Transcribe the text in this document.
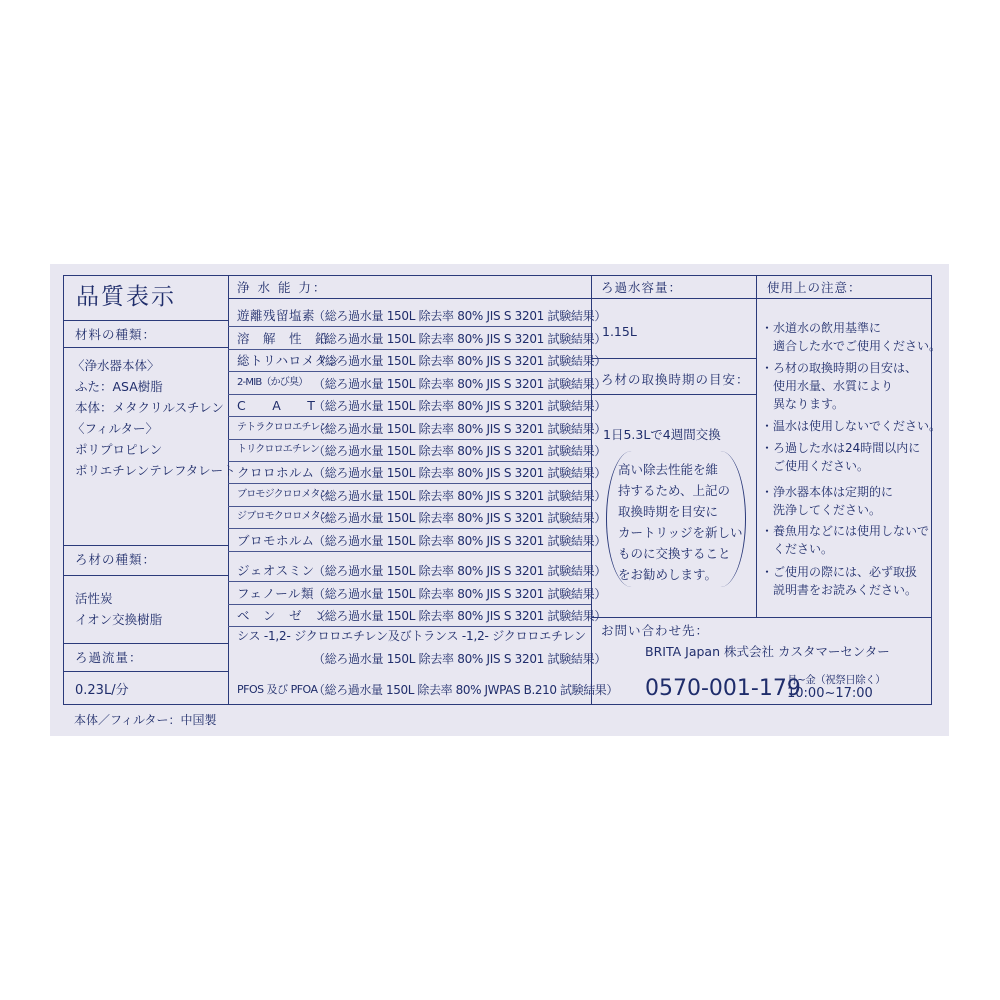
品質表示
材料の種類：
〈浄水器本体〉
ふた：ASA樹脂
本体：メタクリルスチレン
〈フィルター〉
ポリプロピレン
ポリエチレンテレフタレート
ろ材の種類：
活性炭
イオン交換樹脂
ろ過流量：
0.23L/分
浄 水 能 力：
遊離残留塩素
（総ろ過水量 150L 除去率 80% JIS S 3201 試験結果）
溶　解　性　鉛
（総ろ過水量 150L 除去率 80% JIS S 3201 試験結果）
総トリハロメタン
（総ろ過水量 150L 除去率 80% JIS S 3201 試験結果）
2-MIB（かび臭） （総ろ過水量 150L 除去率 80% JIS S 3201 試験結果）
C　　A　　T
（総ろ過水量 150L 除去率 80% JIS S 3201 試験結果）
テトラクロロエチレン
（総ろ過水量 150L 除去率 80% JIS S 3201 試験結果）
トリクロロエチレン
（総ろ過水量 150L 除去率 80% JIS S 3201 試験結果）
クロロホルム
（総ろ過水量 150L 除去率 80% JIS S 3201 試験結果）
ブロモジクロロメタン
（総ろ過水量 150L 除去率 80% JIS S 3201 試験結果）
ジブロモクロロメタン
（総ろ過水量 150L 除去率 80% JIS S 3201 試験結果）
ブロモホルム
（総ろ過水量 150L 除去率 80% JIS S 3201 試験結果）
ジェオスミン
（総ろ過水量 150L 除去率 80% JIS S 3201 試験結果）
フェノール類
（総ろ過水量 150L 除去率 80% JIS S 3201 試験結果）
ベ　ン　ゼ　ン
（総ろ過水量 150L 除去率 80% JIS S 3201 試験結果）
シス -1,2- ジクロロエチレン及びトランス -1,2- ジクロロエチレン
（総ろ過水量 150L 除去率 80% JIS S 3201 試験結果）
PFOS 及び PFOA
（総ろ過水量 150L 除去率 80% JWPAS B.210 試験結果）
ろ過水容量：
1.15L
ろ材の取換時期の目安：
1日5.3Lで4週間交換
高い除去性能を維
持するため、上記の
取換時期を目安に
カートリッジを新しい
ものに交換すること
をお勧めします。
使用上の注意：
・水道水の飲用基準に
　適合した水でご使用ください。
・ろ材の取換時期の目安は、
　使用水量、水質により
　異なります。
・温水は使用しないでください。
・ろ過した水は24時間以内に
　ご使用ください。
・浄水器本体は定期的に
　洗浄してください。
・養魚用などには使用しないで
　ください。
・ご使用の際には、必ず取扱
　説明書をお読みください。
お問い合わせ先：
BRITA Japan 株式会社 カスタマーセンター
0570-001-179
月~金（祝祭日除く）
10:00~17:00
本体／フィルター：中国製
